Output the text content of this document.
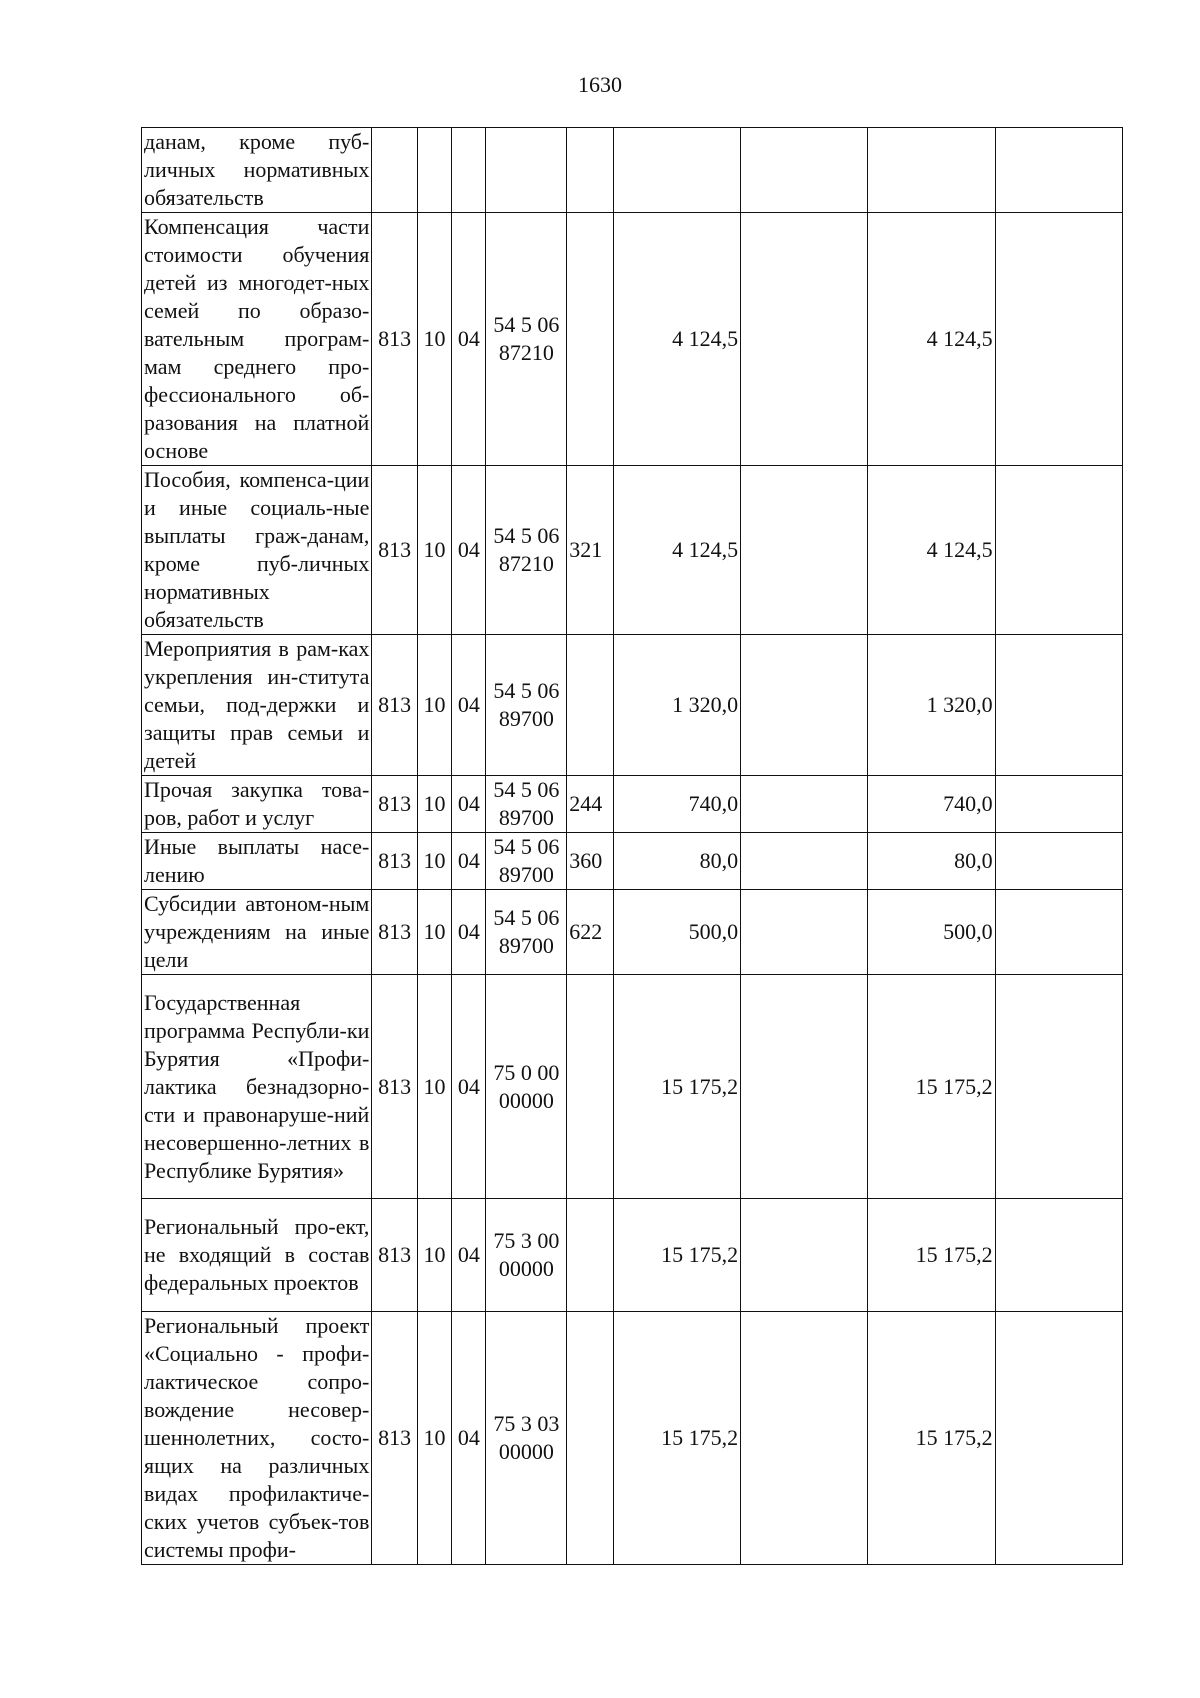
1630
данам, кроме пуб-личных нормативных обязательств									
Компенсация части стоимости обучения детей из многодет-ных семей по образо-вательным програм-мам среднего про-фессионального об-разования на платной основе	813	10	04	54 5 06 87210		4 124,5		4 124,5	
Пособия, компенса-ции и иные социаль-ные выплаты граж-данам, кроме пуб-личных нормативных обязательств	813	10	04	54 5 06 87210	321	4 124,5		4 124,5	
Мероприятия в рам-ках укрепления ин-ститута семьи, под-держки и защиты прав семьи и детей	813	10	04	54 5 06 89700		1 320,0		1 320,0	
Прочая закупка това-ров, работ и услуг	813	10	04	54 5 06 89700	244	740,0		740,0	
Иные выплаты насе-лению	813	10	04	54 5 06 89700	360	80,0		80,0	
Субсидии автоном-ным учреждениям на иные цели	813	10	04	54 5 06 89700	622	500,0		500,0	
Государственная программа Республи-ки Бурятия «Профи-лактика безнадзорно-сти и правонаруше-ний несовершенно-летних в Республике Бурятия»	813	10	04	75 0 00 00000		15 175,2		15 175,2	
Региональный про-ект, не входящий в состав федеральных проектов	813	10	04	75 3 00 00000		15 175,2		15 175,2	
Региональный проект «Социально - профи-лактическое сопро-вождение несовер-шеннолетних, состо-ящих на различных видах профилактиче-ских учетов субъек-тов системы профи-	813	10	04	75 3 03 00000		15 175,2		15 175,2	
